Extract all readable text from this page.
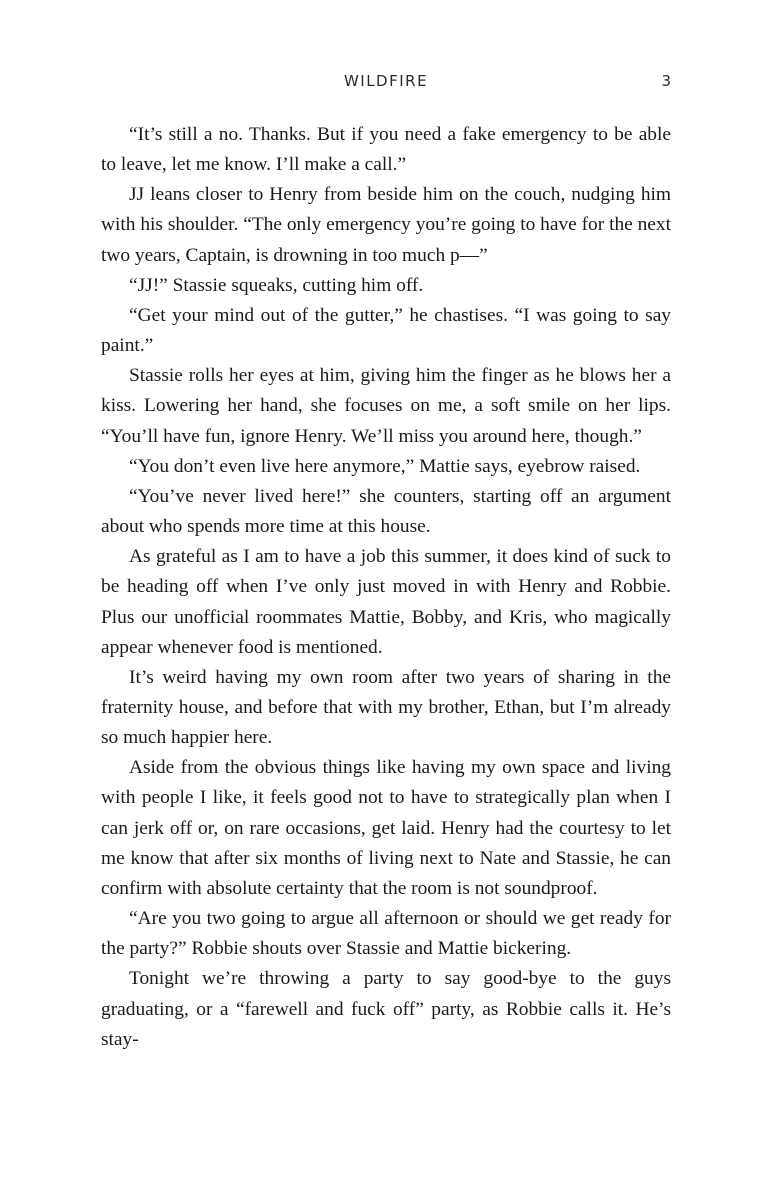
WILDFIRE	3

“It’s still a no. Thanks. But if you need a fake emergency to be able to leave, let me know. I’ll make a call.”

JJ leans closer to Henry from beside him on the couch, nudging him with his shoulder. “The only emergency you’re going to have for the next two years, Captain, is drowning in too much p—”

“JJ!” Stassie squeaks, cutting him off.

“Get your mind out of the gutter,” he chastises. “I was going to say paint.”

Stassie rolls her eyes at him, giving him the finger as he blows her a kiss. Lowering her hand, she focuses on me, a soft smile on her lips. “You’ll have fun, ignore Henry. We’ll miss you around here, though.”

“You don’t even live here anymore,” Mattie says, eyebrow raised.

“You’ve never lived here!” she counters, starting off an argument about who spends more time at this house.

As grateful as I am to have a job this summer, it does kind of suck to be heading off when I’ve only just moved in with Henry and Robbie. Plus our unofficial roommates Mattie, Bobby, and Kris, who magically appear whenever food is mentioned.

It’s weird having my own room after two years of sharing in the fraternity house, and before that with my brother, Ethan, but I’m already so much happier here.

Aside from the obvious things like having my own space and living with people I like, it feels good not to have to strategically plan when I can jerk off or, on rare occasions, get laid. Henry had the courtesy to let me know that after six months of living next to Nate and Stassie, he can confirm with absolute certainty that the room is not soundproof.

“Are you two going to argue all afternoon or should we get ready for the party?” Robbie shouts over Stassie and Mattie bickering.

Tonight we’re throwing a party to say good-bye to the guys graduating, or a “farewell and fuck off” party, as Robbie calls it. He’s stay-
